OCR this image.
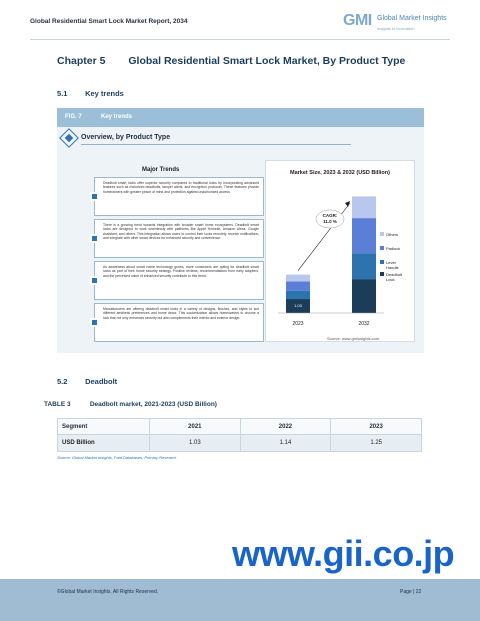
Global Residential Smart Lock Market Report, 2034	GMI Global Market Insights
Insights to innovation
Chapter 5 Global Residential Smart Lock Market, By Product Type
5.1 Key trends
FIG. 7	Key trends
Overview, by Product Type
Major Trends
Deadbolt smart locks offer superior security compared to traditional locks by incorporating advanced features such as motorized deadbolts, tamper alerts, and encryption protocols. These features provide homeowners with greater peace of mind and protection against unauthorized access.
There is a growing trend towards integration with broader smart home ecosystems. Deadbolt smart locks are designed to work seamlessly with platforms like Apple Homekit, Amazon Alexa, Google Assistant, and others. This integration allows users to control their locks remotely, receive notifications, and integrate with other smart devices for enhanced security and convenience.
As awareness about smart home technology grows, more consumers are opting for deadbolt smart locks as part of their home security strategy. Positive reviews, recommendations from early adopters, and the perceived value of enhanced security contribute to this trend.
Manufacturers are offering deadbolt smart locks in a variety of designs, finishes, and styles to suit different aesthetic preferences and home decor. This customization allows homeowners to choose a lock that not only enhances security but also complements their interior and exterior design.
Market Size, 2023 & 2032 (USD Billion)
2023	2032
1.03
CAGR:
11.0 %
Others
Padlock
Lever
Handle
Deadbolt
Lock
Source: www.gminsights.com
5.2 Deadbolt
TABLE 3	Deadbolt market, 2021-2023 (USD Billion)
Segment	2021	2022	2023
USD Billion	1.03	1.14	1.25
Source: Global Market Insights, Paid Databases, Primary Research
www.gii.co.jp
©Global Market Insights. All Rights Reserved.	Page | 22
